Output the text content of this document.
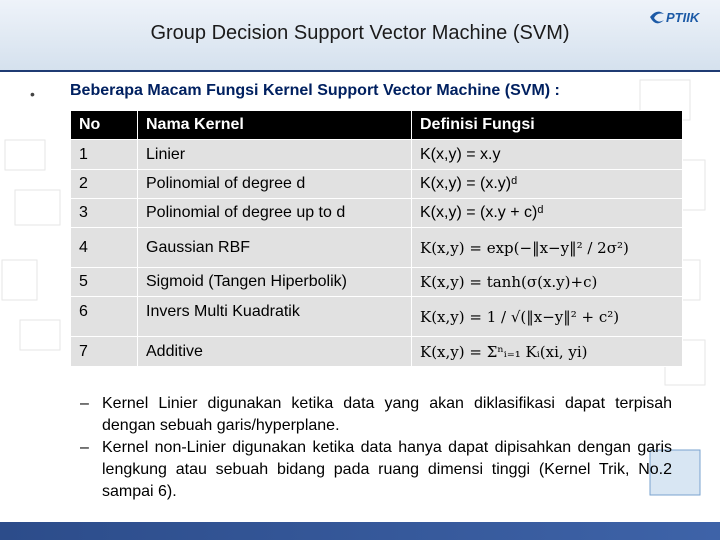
Group Decision Support Vector Machine (SVM)
PTIIK
• Beberapa Macam Fungsi Kernel Support Vector Machine (SVM) :
No	Nama Kernel	Definisi Fungsi
1	Linier	K(x,y) = x.y
2	Polinomial of degree d	K(x,y) = (x.y)ᵈ
3	Polinomial of degree up to d	K(x,y) = (x.y + c)ᵈ
4	Gaussian RBF	K(x,y) = exp(−‖x−y‖² / 2σ²)
5	Sigmoid (Tangen Hiperbolik)	K(x,y) = tanh(σ(x.y)+c)
6	Invers Multi Kuadratik	K(x,y) = 1 / √(‖x−y‖² + c²)
7	Additive	K(x,y) = Σⁿᵢ₌₁ Kᵢ(xi, yi)
– Kernel Linier digunakan ketika data yang akan diklasifikasi dapat terpisah dengan sebuah garis/hyperplane.
– Kernel non-Linier digunakan ketika data hanya dapat dipisahkan dengan garis lengkung atau sebuah bidang pada ruang dimensi tinggi (Kernel Trik, No.2 sampai 6).
